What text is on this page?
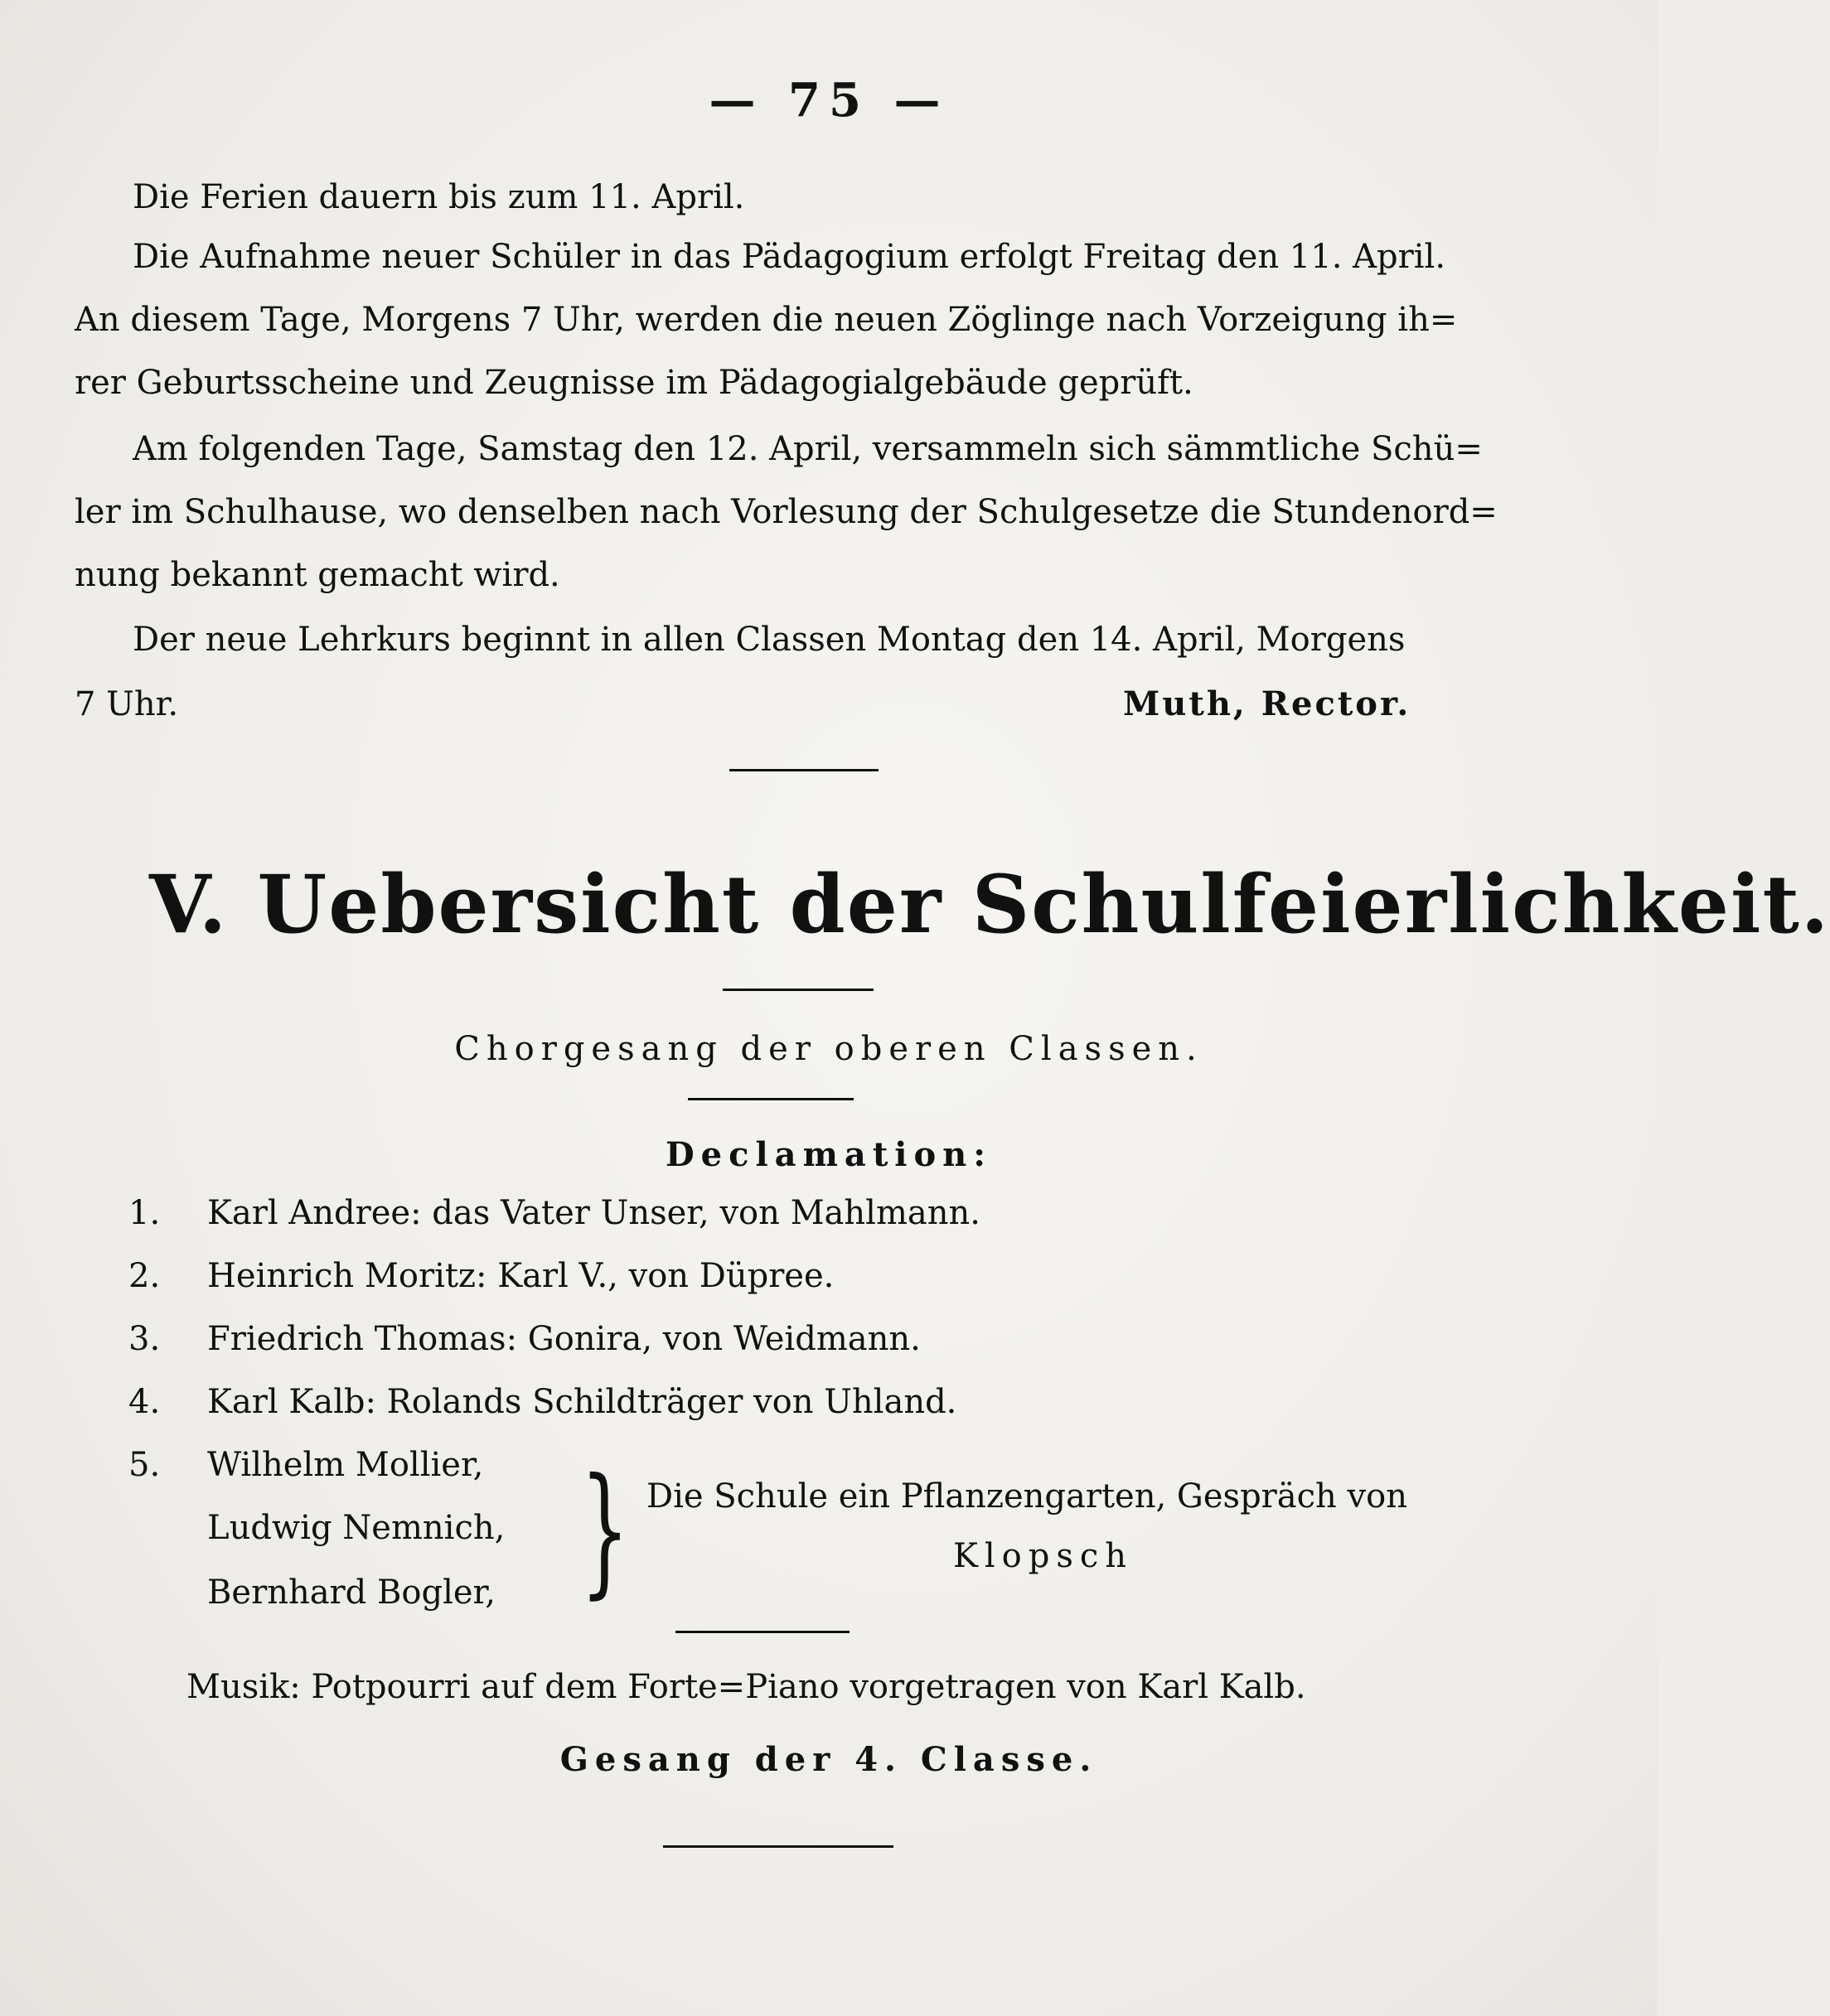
— 75 —
Die Ferien dauern bis zum 11. April.
Die Aufnahme neuer Schüler in das Pädagogium erfolgt Freitag den 11. April.
An diesem Tage, Morgens 7 Uhr, werden die neuen Zöglinge nach Vorzeigung ih=
rer Geburtsscheine und Zeugnisse im Pädagogialgebäude geprüft.
Am folgenden Tage, Samstag den 12. April, versammeln sich sämmtliche Schü=
ler im Schulhause, wo denselben nach Vorlesung der Schulgesetze die Stundenord=
nung bekannt gemacht wird.
Der neue Lehrkurs beginnt in allen Classen Montag den 14. April, Morgens
7 Uhr.	Muth, Rector.
V. Uebersicht der Schulfeierlichkeit.
Chorgesang der oberen Classen.
Declamation:
1. Karl Andree: das Vater Unser, von Mahlmann.
2. Heinrich Moritz: Karl V., von Düpree.
3. Friedrich Thomas: Gonira, von Weidmann.
4. Karl Kalb: Rolands Schildträger von Uhland.
5. Wilhelm Mollier,
Ludwig Nemnich,
Bernhard Bogler, } Die Schule ein Pflanzengarten, Gespräch von
Klopsch
Musik: Potpourri auf dem Forte=Piano vorgetragen von Karl Kalb.
Gesang der 4. Classe.
